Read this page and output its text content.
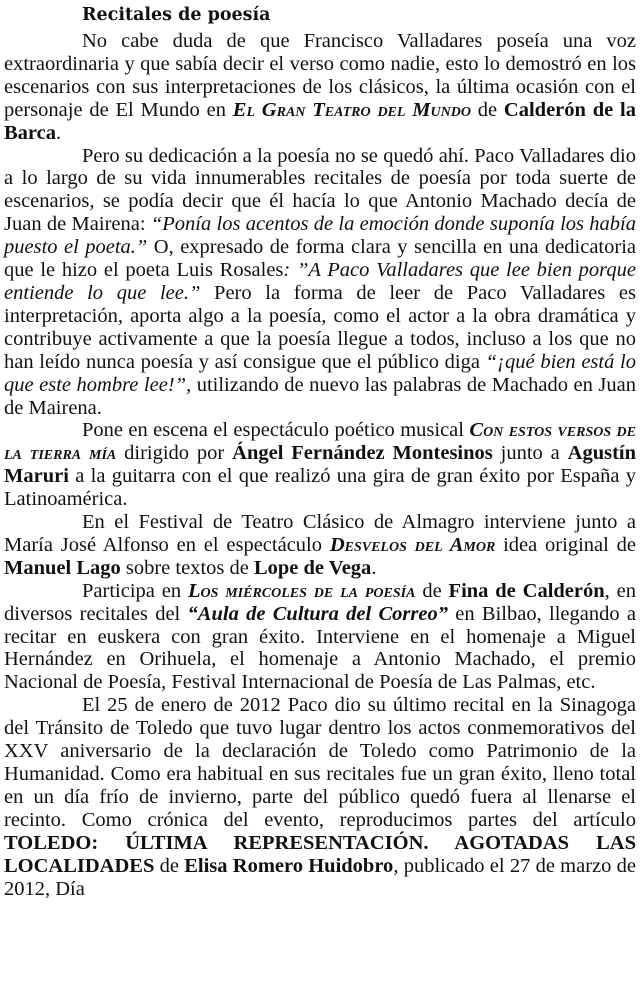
Recitales de poesía

No cabe duda de que Francisco Valladares poseía una voz extraordinaria y que sabía decir el verso como nadie, esto lo demostró en los escenarios con sus interpretaciones de los clásicos, la última ocasión con el personaje de El Mundo en El Gran Teatro del Mundo de Calderón de la Barca.

Pero su dedicación a la poesía no se quedó ahí. Paco Valladares dio a lo largo de su vida innumerables recitales de poesía por toda suerte de escenarios, se podía decir que él hacía lo que Antonio Machado decía de Juan de Mairena: “Ponía los acentos de la emoción donde suponía los había puesto el poeta.” O, expresado de forma clara y sencilla en una dedicatoria que le hizo el poeta Luis Rosales: ”A Paco Valladares que lee bien porque entiende lo que lee.” Pero la forma de leer de Paco Valladares es interpretación, aporta algo a la poesía, como el actor a la obra dramática y contribuye activamente a que la poesía llegue a todos, incluso a los que no han leído nunca poesía y así consigue que el público diga “¡qué bien está lo que este hombre lee!”, utilizando de nuevo las palabras de Machado en Juan de Mairena.

Pone en escena el espectáculo poético musical Con estos versos de la tierra mía dirigido por Ángel Fernández Montesinos junto a Agustín Maruri a la guitarra con el que realizó una gira de gran éxito por España y Latinoamérica.

En el Festival de Teatro Clásico de Almagro interviene junto a María José Alfonso en el espectáculo Desvelos del Amor idea original de Manuel Lago sobre textos de Lope de Vega.

Participa en Los miércoles de la poesía de Fina de Calderón, en diversos recitales del “Aula de Cultura del Correo” en Bilbao, llegando a recitar en euskera con gran éxito. Interviene en el homenaje a Miguel Hernández en Orihuela, el homenaje a Antonio Machado, el premio Nacional de Poesía, Festival Internacional de Poesía de Las Palmas, etc.

El 25 de enero de 2012 Paco dio su último recital en la Sinagoga del Tránsito de Toledo que tuvo lugar dentro los actos conmemorativos del XXV aniversario de la declaración de Toledo como Patrimonio de la Humanidad. Como era habitual en sus recitales fue un gran éxito, lleno total en un día frío de invierno, parte del público quedó fuera al llenarse el recinto. Como crónica del evento, reproducimos partes del artículo TOLEDO: ÚLTIMA REPRESENTACIÓN. AGOTADAS LAS LOCALIDADES de Elisa Romero Huidobro, publicado el 27 de marzo de 2012, Día
